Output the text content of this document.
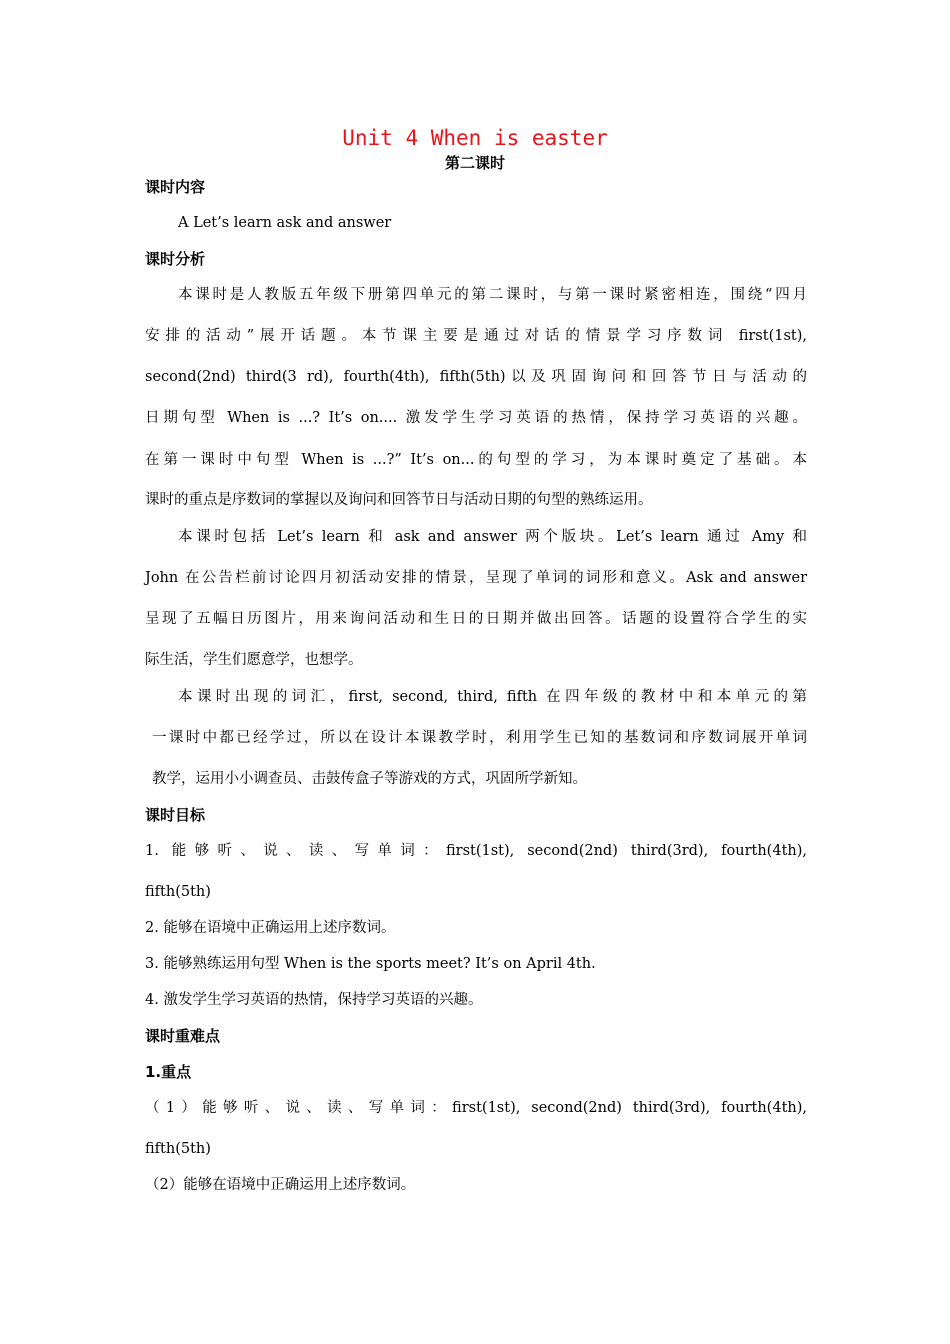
Unit 4 When is easter
第二课时
课时内容
A Let’s learn ask and answer
课时分析
本课时是人教版五年级下册第四单元的第二课时，与第一课时紧密相连，围绕“四月
安排的活动”展开话题。本节课主要是通过对话的情景学习序数词 first(1st),
second(2nd) third(3 rd), fourth(4th), fifth(5th)以及巩固询问和回答节日与活动的
日期句型 When is ...? It’s on.... 激发学生学习英语的热情，保持学习英语的兴趣。
在第一课时中句型 When is ...?” It’s on...的句型的学习，为本课时奠定了基础。本
课时的重点是序数词的掌握以及询问和回答节日与活动日期的句型的熟练运用。
本课时包括 Let’s learn 和 ask and answer 两个版块。Let’s learn 通过 Amy 和
John 在公告栏前讨论四月初活动安排的情景，呈现了单词的词形和意义。Ask and answer
呈现了五幅日历图片，用来询问活动和生日的日期并做出回答。话题的设置符合学生的实
际生活，学生们愿意学，也想学。
本课时出现的词汇，first, second, third, fifth 在四年级的教材中和本单元的第
一课时中都已经学过，所以在设计本课教学时，利用学生已知的基数词和序数词展开单词
教学，运用小小调查员、击鼓传盒子等游戏的方式，巩固所学新知。
课时目标
1. 能够听、说、读、写单词：first(1st), second(2nd) third(3rd), fourth(4th),
fifth(5th)
2. 能够在语境中正确运用上述序数词。
3. 能够熟练运用句型 When is the sports meet? It’s on April 4th.
4. 激发学生学习英语的热情，保持学习英语的兴趣。
课时重难点
1.重点
（1）能够听、说、读、写单词：first(1st), second(2nd) third(3rd), fourth(4th),
fifth(5th)
（2）能够在语境中正确运用上述序数词。
